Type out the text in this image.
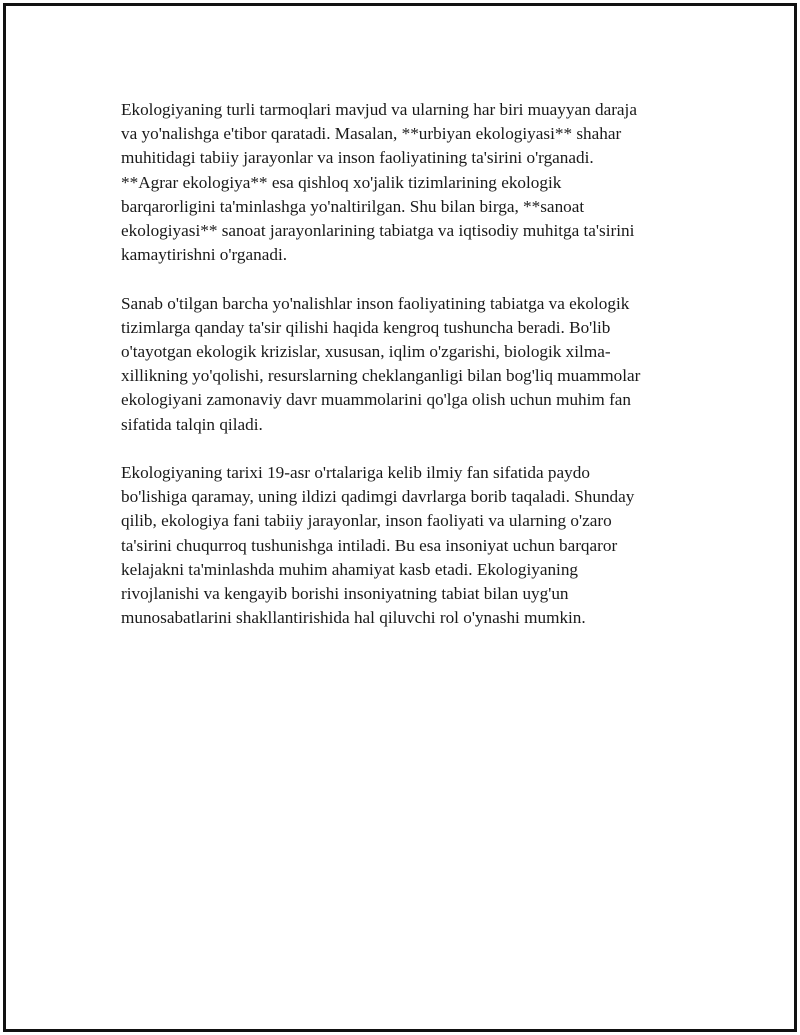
Ekologiyaning turli tarmoqlari mavjud va ularning har biri muayyan daraja
va yo'nalishga e'tibor qaratadi. Masalan, **urbiyan ekologiyasi** shahar
muhitidagi tabiiy jarayonlar va inson faoliyatining ta'sirini o'rganadi.
**Agrar ekologiya** esa qishloq xo'jalik tizimlarining ekologik
barqarorligini ta'minlashga yo'naltirilgan. Shu bilan birga, **sanoat
ekologiyasi** sanoat jarayonlarining tabiatga va iqtisodiy muhitga ta'sirini
kamaytirishni o'rganadi.

Sanab o'tilgan barcha yo'nalishlar inson faoliyatining tabiatga va ekologik
tizimlarga qanday ta'sir qilishi haqida kengroq tushuncha beradi. Bo'lib
o'tayotgan ekologik krizislar, xususan, iqlim o'zgarishi, biologik xilma-
xillikning yo'qolishi, resurslarning cheklanganligi bilan bog'liq muammolar
ekologiyani zamonaviy davr muammolarini qo'lga olish uchun muhim fan
sifatida talqin qiladi.

Ekologiyaning tarixi 19-asr o'rtalariga kelib ilmiy fan sifatida paydo
bo'lishiga qaramay, uning ildizi qadimgi davrlarga borib taqaladi. Shunday
qilib, ekologiya fani tabiiy jarayonlar, inson faoliyati va ularning o'zaro
ta'sirini chuqurroq tushunishga intiladi. Bu esa insoniyat uchun barqaror
kelajakni ta'minlashda muhim ahamiyat kasb etadi. Ekologiyaning
rivojlanishi va kengayib borishi insoniyatning tabiat bilan uyg'un
munosabatlarini shakllantirishida hal qiluvchi rol o'ynashi mumkin.
